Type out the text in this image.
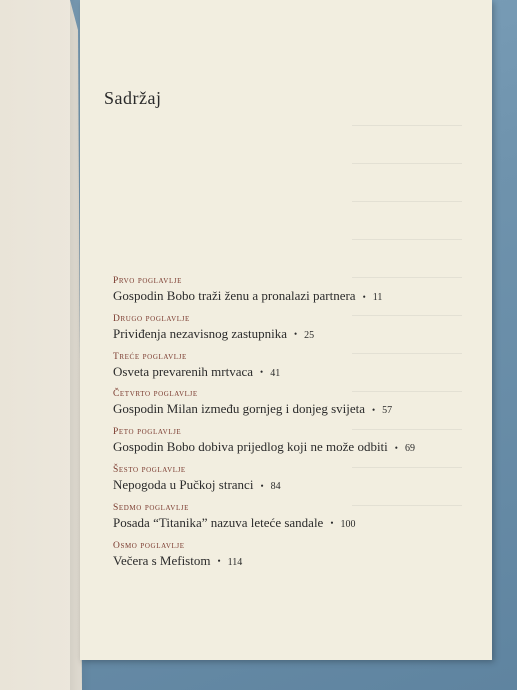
Sadržaj
Prvo poglavlje
Gospodin Bobo traži ženu a pronalazi partnera • 11
Drugo poglavlje
Priviđenja nezavisnog zastupnika • 25
Treće poglavlje
Osveta prevarenih mrtvaca • 41
Četvrto poglavlje
Gospodin Milan između gornjeg i donjeg svijeta • 57
Peto poglavlje
Gospodin Bobo dobiva prijedlog koji ne može odbiti • 69
Šesto poglavlje
Nepogoda u Pučkoj stranci • 84
Sedmo poglavlje
Posada “Titanika” nazuva leteće sandale • 100
Osmo poglavlje
Večera s Mefistom • 114
